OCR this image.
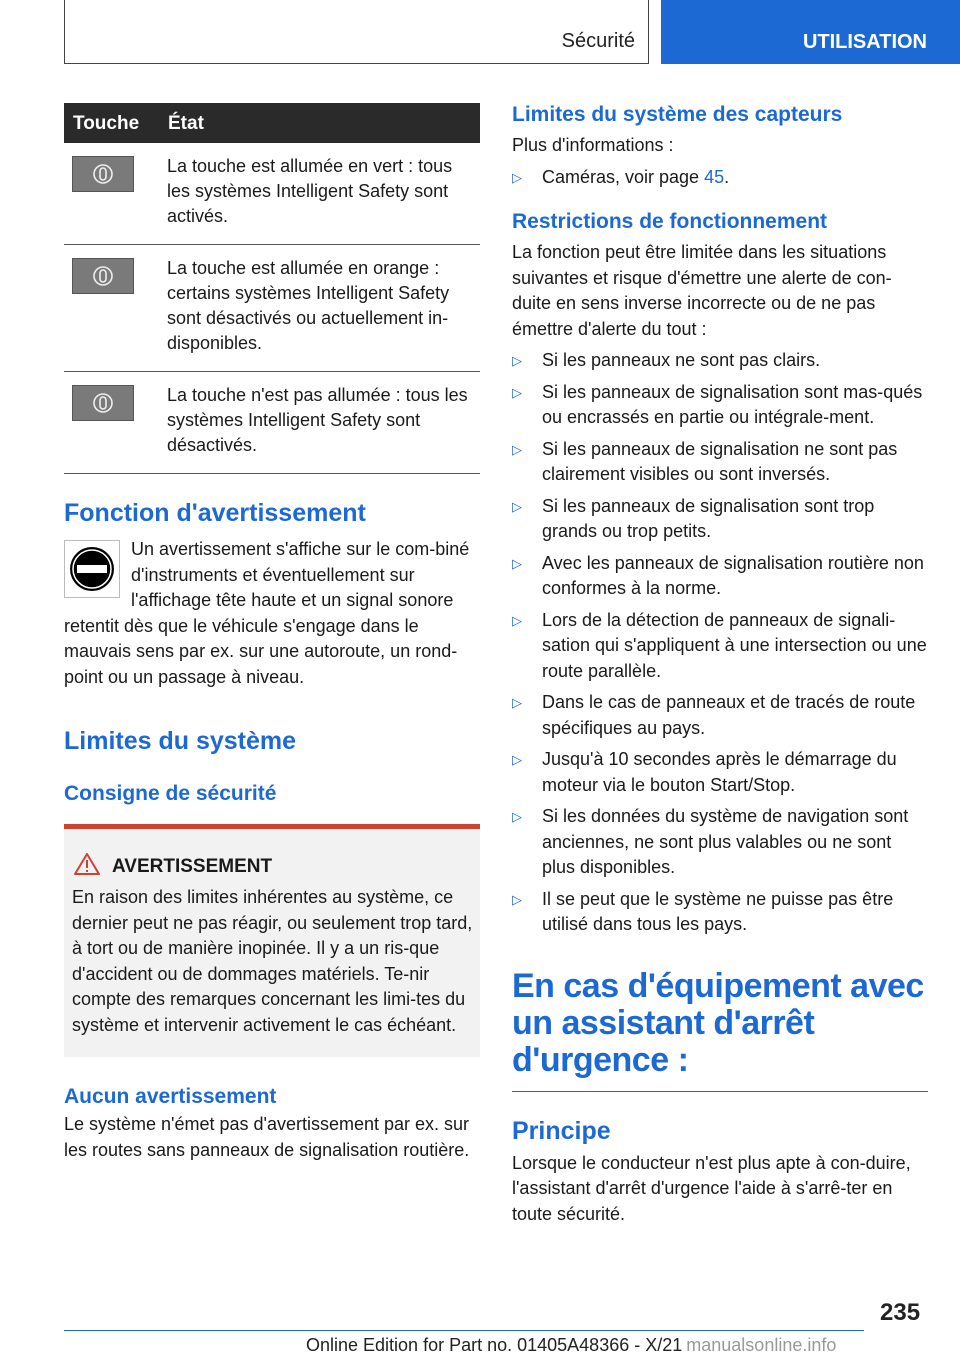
Sécurité	UTILISATION
Touche	État

	La touche est allumée en vert : tous les systèmes Intelligent Safety sont activés.

	La touche est allumée en orange : certains systèmes Intelligent Safety sont désactivés ou actuellement in-disponibles.

	La touche n'est pas allumée : tous les systèmes Intelligent Safety sont désactivés.
Fonction d'avertissement

Un avertissement s'affiche sur le com-biné d'instruments et éventuellement sur l'affichage tête haute et un signal sonore

retentit dès que le véhicule s'engage dans le mauvais sens par ex. sur une autoroute, un rond-point ou un passage à niveau.

Limites du système
Consigne de sécurité
AVERTISSEMENT

En raison des limites inhérentes au système, ce dernier peut ne pas réagir, ou seulement trop tard, à tort ou de manière inopinée. Il y a un ris-que d'accident ou de dommages matériels. Te-nir compte des remarques concernant les limi-tes du système et intervenir activement le cas échéant.

Aucun avertissement

Le système n'émet pas d'avertissement par ex. sur les routes sans panneaux de signalisation routière.

Limites du système des capteurs

Plus d'informations :

▷ Caméras, voir page 45.
Restrictions de fonctionnement

La fonction peut être limitée dans les situations suivantes et risque d'émettre une alerte de con-duite en sens inverse incorrecte ou de ne pas émettre d'alerte du tout :

▷ Si les panneaux ne sont pas clairs.
▷ Si les panneaux de signalisation sont mas-qués ou encrassés en partie ou intégrale-ment.
▷ Si les panneaux de signalisation ne sont pas clairement visibles ou sont inversés.
▷ Si les panneaux de signalisation sont trop grands ou trop petits.
▷ Avec les panneaux de signalisation routière non conformes à la norme.
▷ Lors de la détection de panneaux de signali-sation qui s'appliquent à une intersection ou une route parallèle.
▷ Dans le cas de panneaux et de tracés de route spécifiques au pays.
▷ Jusqu'à 10 secondes après le démarrage du moteur via le bouton Start/Stop.
▷ Si les données du système de navigation sont anciennes, ne sont plus valables ou ne sont plus disponibles.
▷ Il se peut que le système ne puisse pas être utilisé dans tous les pays.
En cas d'équipement avec un assistant d'arrêt d'urgence :
Principe

Lorsque le conducteur n'est plus apte à con-duire, l'assistant d'arrêt d'urgence l'aide à s'arrê-ter en toute sécurité.

235
Online Edition for Part no. 01405A48366 - X/21 manualsonline.info
